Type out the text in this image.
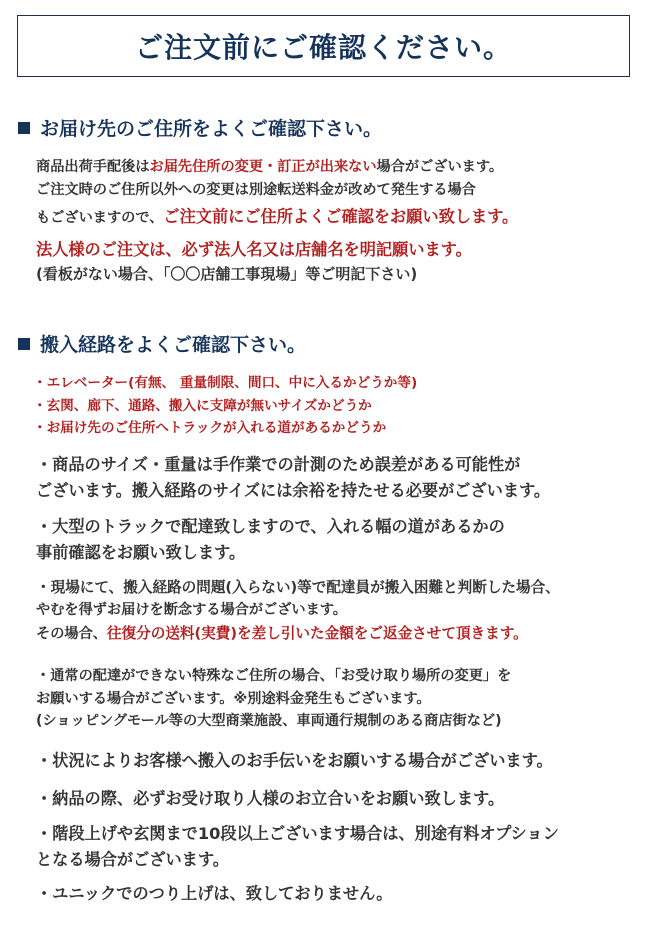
ご注文前にご確認ください。
お届け先のご住所をよくご確認下さい。
商品出荷手配後はお届先住所の変更・訂正が出来ない場合がございます。
ご注文時のご住所以外への変更は別途転送料金が改めて発生する場合
もございますので、ご注文前にご住所よくご確認をお願い致します。
法人様のご注文は、必ず法人名又は店舗名を明記願います。
(看板がない場合、「〇〇店舗工事現場」等ご明記下さい)
搬入経路をよくご確認下さい。
・エレベーター(有無、 重量制限、間口、中に入るかどうか等)
・玄関、廊下、通路、搬入に支障が無いサイズかどうか
・お届け先のご住所へトラックが入れる道があるかどうか
・商品のサイズ・重量は手作業での計測のため誤差がある可能性が
ございます。搬入経路のサイズには余裕を持たせる必要がございます。
・大型のトラックで配達致しますので、入れる幅の道があるかの
事前確認をお願い致します。
・現場にて、搬入経路の問題(入らない)等で配達員が搬入困難と判断した場合、
やむを得ずお届けを断念する場合がございます。
その場合、往復分の送料(実費)を差し引いた金額をご返金させて頂きます。
・通常の配達ができない特殊なご住所の場合、「お受け取り場所の変更」を
お願いする場合がございます。※別途料金発生もございます。
(ショッピングモール等の大型商業施設、車両通行規制のある商店街など)
・状況によりお客様へ搬入のお手伝いをお願いする場合がございます。
・納品の際、必ずお受け取り人様のお立合いをお願い致します。
・階段上げや玄関まで10段以上ございます場合は、別途有料オプション
となる場合がございます。
・ユニックでのつり上げは、致しておりません。
